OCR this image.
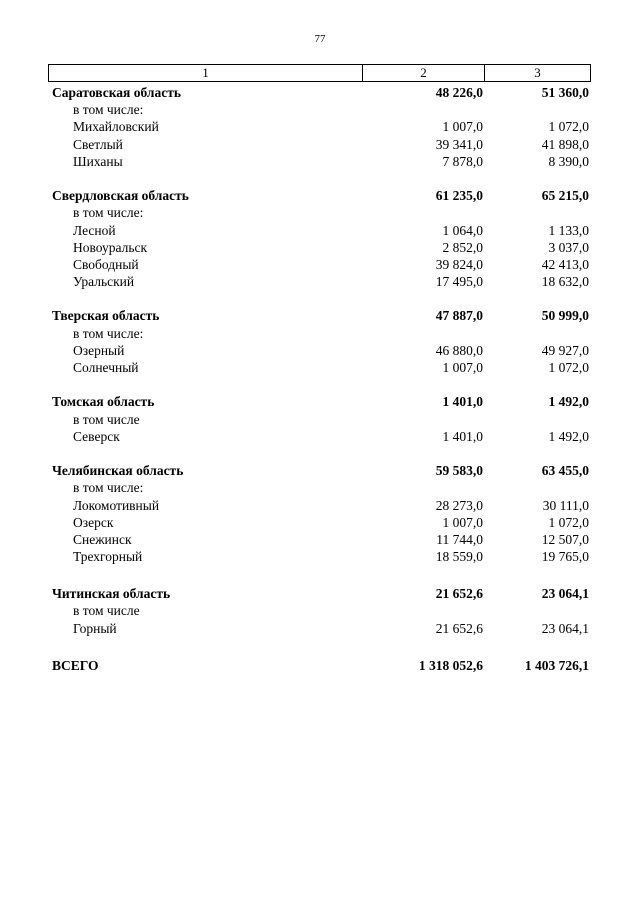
77
1	2	3
Саратовская область	48 226,0	51 360,0
в том числе:
Михайловский	1 007,0	1 072,0
Светлый	39 341,0	41 898,0
Шиханы	7 878,0	8 390,0
Свердловская область	61 235,0	65 215,0
в том числе:
Лесной	1 064,0	1 133,0
Новоуральск	2 852,0	3 037,0
Свободный	39 824,0	42 413,0
Уральский	17 495,0	18 632,0
Тверская область	47 887,0	50 999,0
в том числе:
Озерный	46 880,0	49 927,0
Солнечный	1 007,0	1 072,0
Томская область	1 401,0	1 492,0
в том числе
Северск	1 401,0	1 492,0
Челябинская область	59 583,0	63 455,0
в том числе:
Локомотивный	28 273,0	30 111,0
Озерск	1 007,0	1 072,0
Снежинск	11 744,0	12 507,0
Трехгорный	18 559,0	19 765,0
Читинская область	21 652,6	23 064,1
в том числе
Горный	21 652,6	23 064,1
ВСЕГО	1 318 052,6	1 403 726,1
